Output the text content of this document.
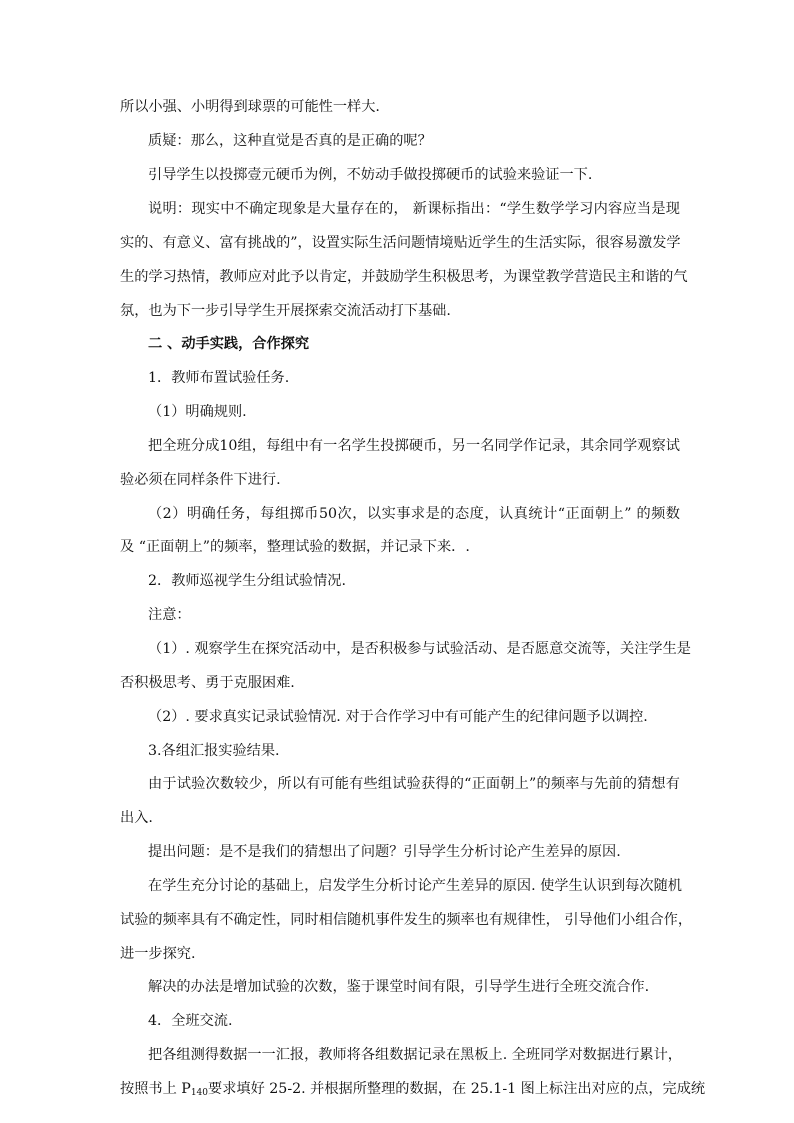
所以小强、小明得到球票的可能性一样大.
质疑：那么，这种直觉是否真的是正确的呢？
引导学生以投掷壹元硬币为例，不妨动手做投掷硬币的试验来验证一下.
说明：现实中不确定现象是大量存在的， 新课标指出：“学生数学学习内容应当是现
实的、有意义、富有挑战的”，设置实际生活问题情境贴近学生的生活实际，很容易激发学
生的学习热情，教师应对此予以肯定，并鼓励学生积极思考，为课堂教学营造民主和谐的气
氛，也为下一步引导学生开展探索交流活动打下基础.
二 、动手实践，合作探究
1．教师布置试验任务.
（1）明确规则.
把全班分成10组，每组中有一名学生投掷硬币，另一名同学作记录，其余同学观察试
验必须在同样条件下进行.
（2）明确任务，每组掷币50次，以实事求是的态度，认真统计“正面朝上” 的频数
及 “正面朝上”的频率，整理试验的数据，并记录下来．.
2．教师巡视学生分组试验情况.
注意：
（1）. 观察学生在探究活动中，是否积极参与试验活动、是否愿意交流等，关注学生是
否积极思考、勇于克服困难.
（2）. 要求真实记录试验情况. 对于合作学习中有可能产生的纪律问题予以调控.
3.各组汇报实验结果.
由于试验次数较少，所以有可能有些组试验获得的“正面朝上”的频率与先前的猜想有
出入.
提出问题：是不是我们的猜想出了问题？引导学生分析讨论产生差异的原因.
在学生充分讨论的基础上，启发学生分析讨论产生差异的原因. 使学生认识到每次随机
试验的频率具有不确定性，同时相信随机事件发生的频率也有规律性， 引导他们小组合作，
进一步探究.
解决的办法是增加试验的次数，鉴于课堂时间有限，引导学生进行全班交流合作.
4．全班交流.
把各组测得数据一一汇报，教师将各组数据记录在黑板上. 全班同学对数据进行累计，
按照书上 $P_{140}$要求填好 25-2. 并根据所整理的数据，在 25.1-1 图上标注出对应的点，完成统
